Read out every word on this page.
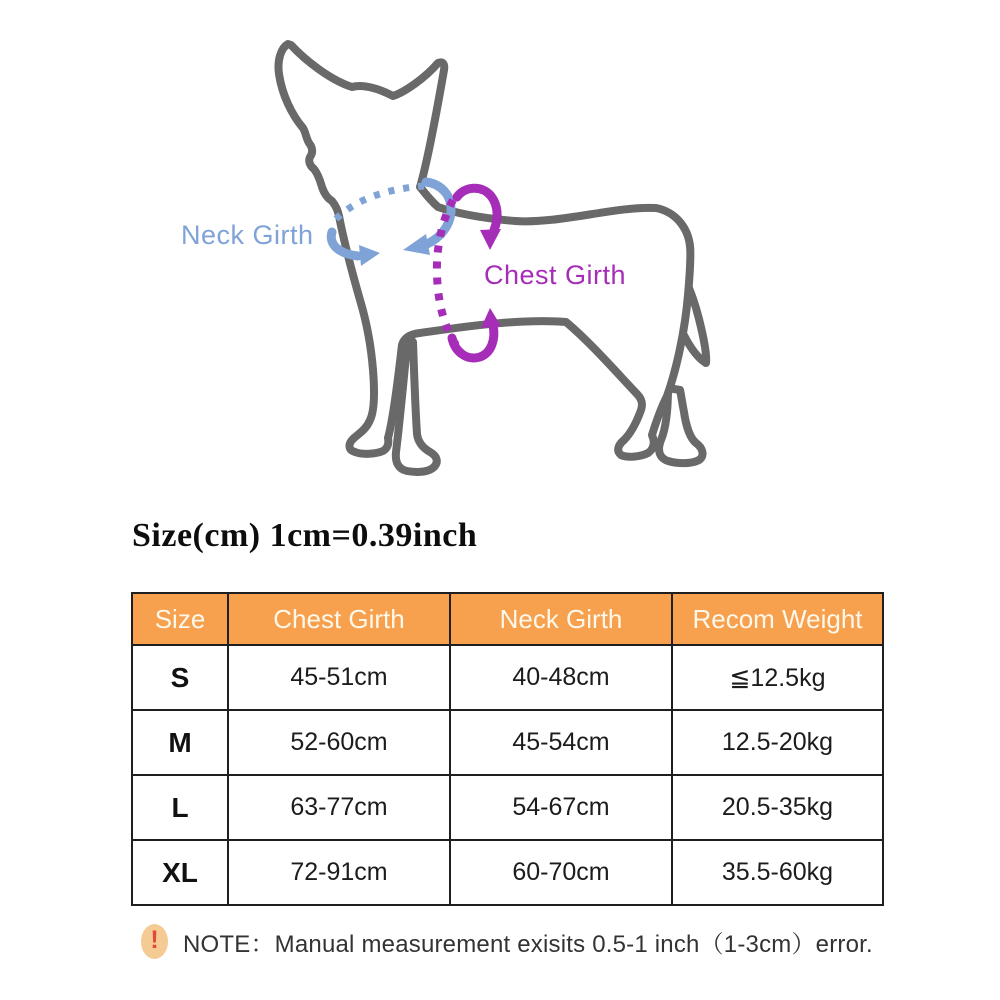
Neck Girth
Chest Girth
Size(cm) 1cm=0.39inch
Size	Chest Girth	Neck Girth	Recom Weight
S	45-51cm	40-48cm	≦12.5kg
M	52-60cm	45-54cm	12.5-20kg
L	63-77cm	54-67cm	20.5-35kg
XL	72-91cm	60-70cm	35.5-60kg
! NOTE：Manual measurement exisits 0.5-1 inch（1-3cm）error.
